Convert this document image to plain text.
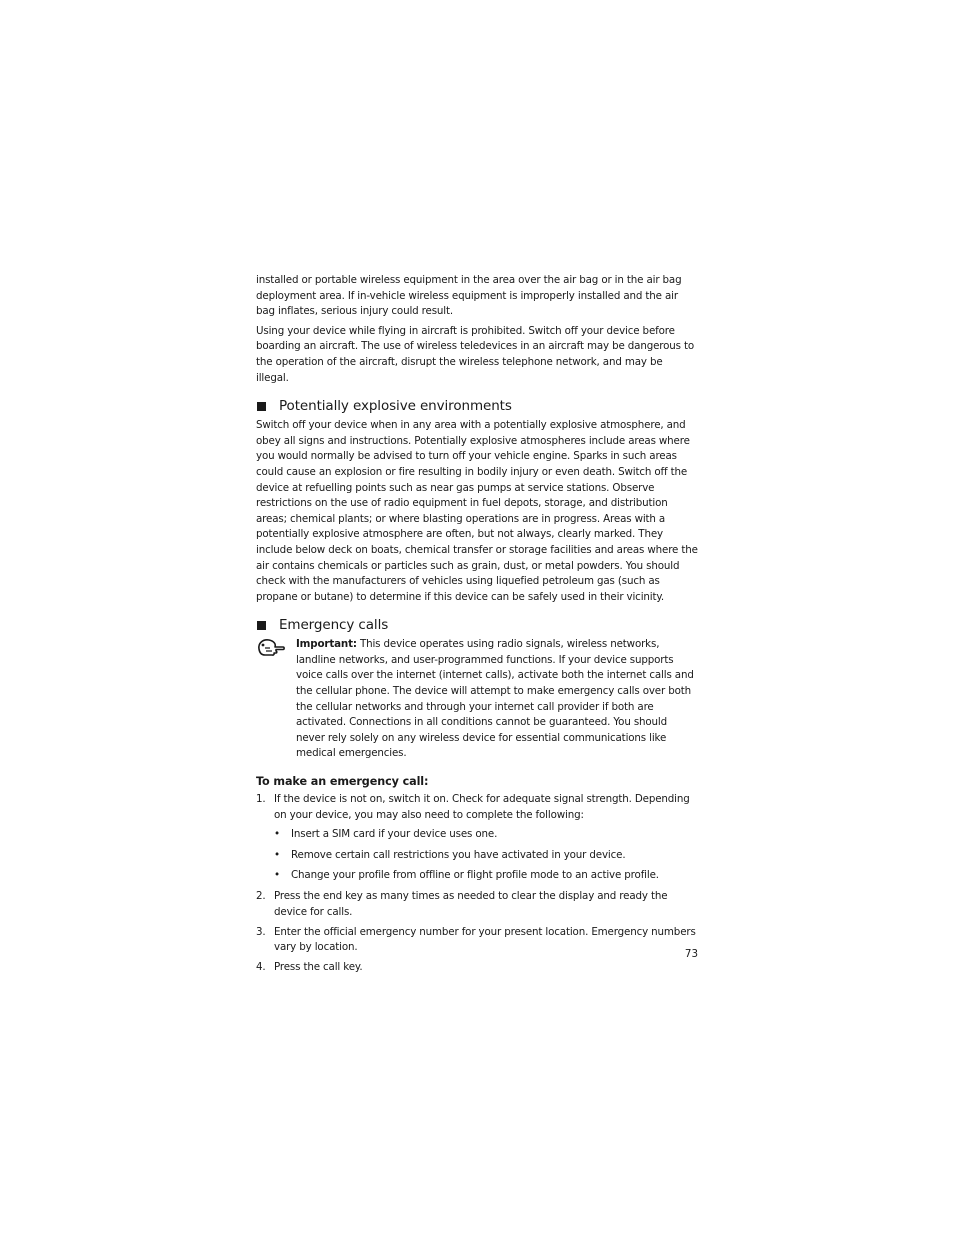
installed or portable wireless equipment in the area over the air bag or in the air bag deployment area. If in-vehicle wireless equipment is improperly installed and the air bag inflates, serious injury could result.

Using your device while flying in aircraft is prohibited. Switch off your device before boarding an aircraft. The use of wireless teledevices in an aircraft may be dangerous to the operation of the aircraft, disrupt the wireless telephone network, and may be illegal.

Potentially explosive environments

Switch off your device when in any area with a potentially explosive atmosphere, and obey all signs and instructions. Potentially explosive atmospheres include areas where you would normally be advised to turn off your vehicle engine. Sparks in such areas could cause an explosion or fire resulting in bodily injury or even death. Switch off the device at refuelling points such as near gas pumps at service stations. Observe restrictions on the use of radio equipment in fuel depots, storage, and distribution areas; chemical plants; or where blasting operations are in progress. Areas with a potentially explosive atmosphere are often, but not always, clearly marked. They include below deck on boats, chemical transfer or storage facilities and areas where the air contains chemicals or particles such as grain, dust, or metal powders. You should check with the manufacturers of vehicles using liquefied petroleum gas (such as propane or butane) to determine if this device can be safely used in their vicinity.

Emergency calls

Important: This device operates using radio signals, wireless networks, landline networks, and user-programmed functions. If your device supports voice calls over the internet (internet calls), activate both the internet calls and the cellular phone. The device will attempt to make emergency calls over both the cellular networks and through your internet call provider if both are activated. Connections in all conditions cannot be guaranteed. You should never rely solely on any wireless device for essential communications like medical emergencies.

To make an emergency call:
1. If the device is not on, switch it on. Check for adequate signal strength. Depending on your device, you may also need to complete the following:
• Insert a SIM card if your device uses one.
• Remove certain call restrictions you have activated in your device.
• Change your profile from offline or flight profile mode to an active profile.
2. Press the end key as many times as needed to clear the display and ready the device for calls.
3. Enter the official emergency number for your present location. Emergency numbers vary by location.
4. Press the call key.
73
